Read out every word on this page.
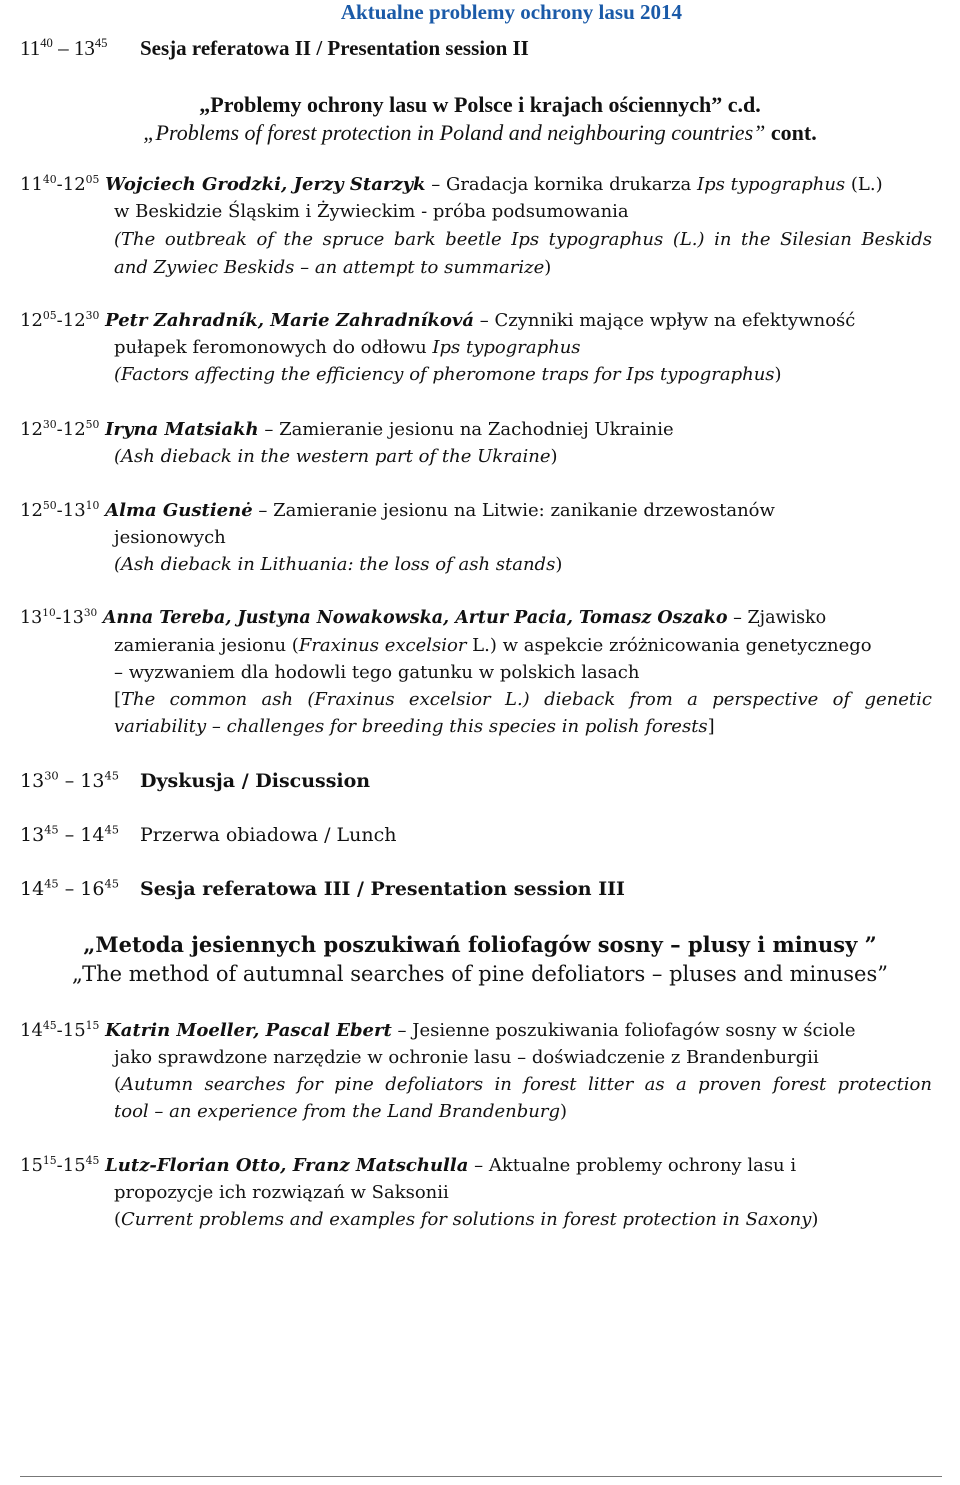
Aktualne problemy ochrony lasu 2014
$11^{40} - 13^{45}$ Sesja referatowa II / Presentation session II
„Problemy ochrony lasu w Polsce i krajach ościennych” c.d.
„Problems of forest protection in Poland and neighbouring countries” cont.
$11^{40}-12^{05}$ Wojciech Grodzki, Jerzy Starzyk – Gradacja kornika drukarza Ips typographus (L.)
w Beskidzie Śląskim i Żywieckim - próba podsumowania
(The outbreak of the spruce bark beetle Ips typographus (L.) in the Silesian Beskids
and Zywiec Beskids – an attempt to summarize)
$12^{05}-12^{30}$ Petr Zahradník, Marie Zahradníková – Czynniki mające wpływ na efektywność
pułapek feromonowych do odłowu Ips typographus
(Factors affecting the efficiency of pheromone traps for Ips typographus)
$12^{30}-12^{50}$ Iryna Matsiakh – Zamieranie jesionu na Zachodniej Ukrainie
(Ash dieback in the western part of the Ukraine)
$12^{50}-13^{10}$ Alma Gustienė – Zamieranie jesionu na Litwie: zanikanie drzewostanów
jesionowych
(Ash dieback in Lithuania: the loss of ash stands)
$13^{10}-13^{30}$ Anna Tereba, Justyna Nowakowska, Artur Pacia, Tomasz Oszako – Zjawisko
zamierania jesionu (Fraxinus excelsior L.) w aspekcie zróżnicowania genetycznego
– wyzwaniem dla hodowli tego gatunku w polskich lasach
[The common ash (Fraxinus excelsior L.) dieback from a perspective of genetic
variability – challenges for breeding this species in polish forests]
$13^{30} - 13^{45}$ Dyskusja / Discussion
$13^{45} - 14^{45}$ Przerwa obiadowa / Lunch
$14^{45} - 16^{45}$ Sesja referatowa III / Presentation session III
„Metoda jesiennych poszukiwań foliofagów sosny – plusy i minusy ”
„The method of autumnal searches of pine defoliators – pluses and minuses”
$14^{45}-15^{15}$ Katrin Moeller, Pascal Ebert – Jesienne poszukiwania foliofagów sosny w ściole
jako sprawdzone narzędzie w ochronie lasu – doświadczenie z Brandenburgii
(Autumn searches for pine defoliators in forest litter as a proven forest protection
tool – an experience from the Land Brandenburg)
$15^{15}-15^{45}$ Lutz-Florian Otto, Franz Matschulla – Aktualne problemy ochrony lasu i
propozycje ich rozwiązań w Saksonii
(Current problems and examples for solutions in forest protection in Saxony)
